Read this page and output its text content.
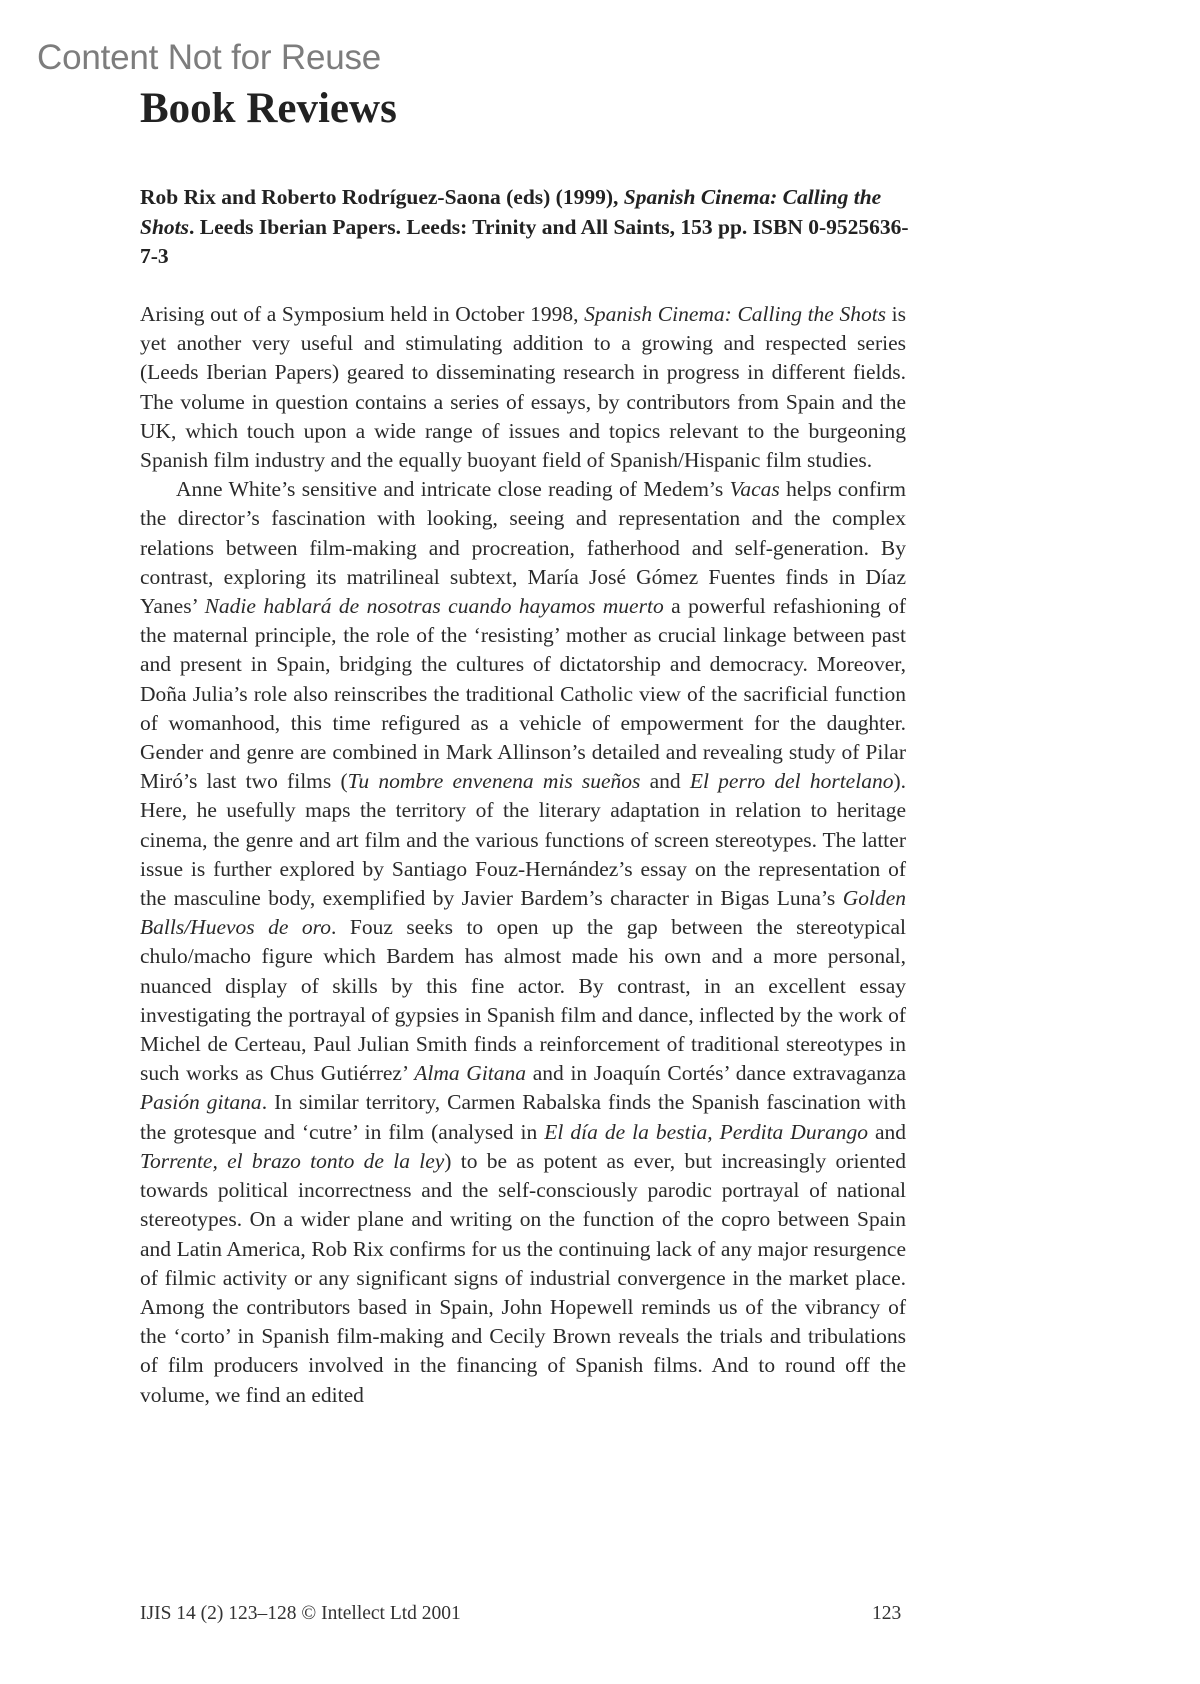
Content Not for Reuse
Book Reviews
Rob Rix and Roberto Rodríguez-Saona (eds) (1999), Spanish Cinema: Calling the Shots. Leeds Iberian Papers. Leeds: Trinity and All Saints, 153 pp. ISBN 0-9525636-7-3

Arising out of a Symposium held in October 1998, Spanish Cinema: Calling the Shots is yet another very useful and stimulating addition to a growing and respected series (Leeds Iberian Papers) geared to disseminating research in progress in different fields. The volume in question contains a series of essays, by contributors from Spain and the UK, which touch upon a wide range of issues and topics relevant to the burgeoning Spanish film industry and the equally buoyant field of Spanish/Hispanic film studies.

Anne White’s sensitive and intricate close reading of Medem’s Vacas helps confirm the director’s fascination with looking, seeing and representation and the complex relations between film-making and procreation, fatherhood and self-generation. By contrast, exploring its matrilineal subtext, María José Gómez Fuentes finds in Díaz Yanes’ Nadie hablará de nosotras cuando hayamos muerto a powerful refashioning of the maternal principle, the role of the ‘resisting’ mother as crucial linkage between past and present in Spain, bridging the cultures of dictatorship and democracy. Moreover, Doña Julia’s role also reinscribes the traditional Catholic view of the sacrificial function of womanhood, this time refigured as a vehicle of empowerment for the daughter. Gender and genre are combined in Mark Allinson’s detailed and revealing study of Pilar Miró’s last two films (Tu nombre envenena mis sueños and El perro del hortelano). Here, he usefully maps the territory of the literary adaptation in relation to heritage cinema, the genre and art film and the various functions of screen stereotypes. The latter issue is further explored by Santiago Fouz-Hernández’s essay on the representation of the masculine body, exemplified by Javier Bardem’s character in Bigas Luna’s Golden Balls/Huevos de oro. Fouz seeks to open up the gap between the stereotypical chulo/macho figure which Bardem has almost made his own and a more personal, nuanced display of skills by this fine actor. By contrast, in an excellent essay investigating the portrayal of gypsies in Spanish film and dance, inflected by the work of Michel de Certeau, Paul Julian Smith finds a reinforcement of traditional stereotypes in such works as Chus Gutiérrez’ Alma Gitana and in Joaquín Cortés’ dance extravaganza Pasión gitana. In similar territory, Carmen Rabalska finds the Spanish fascination with the grotesque and ‘cutre’ in film (analysed in El día de la bestia, Perdita Durango and Torrente, el brazo tonto de la ley) to be as potent as ever, but increasingly oriented towards political incorrectness and the self-consciously parodic portrayal of national stereotypes. On a wider plane and writing on the function of the copro between Spain and Latin America, Rob Rix confirms for us the continuing lack of any major resurgence of filmic activity or any significant signs of industrial convergence in the market place. Among the contributors based in Spain, John Hopewell reminds us of the vibrancy of the ‘corto’ in Spanish film-making and Cecily Brown reveals the trials and tribulations of film producers involved in the financing of Spanish films. And to round off the volume, we find an edited

IJIS 14 (2) 123–128 © Intellect Ltd 2001	123
